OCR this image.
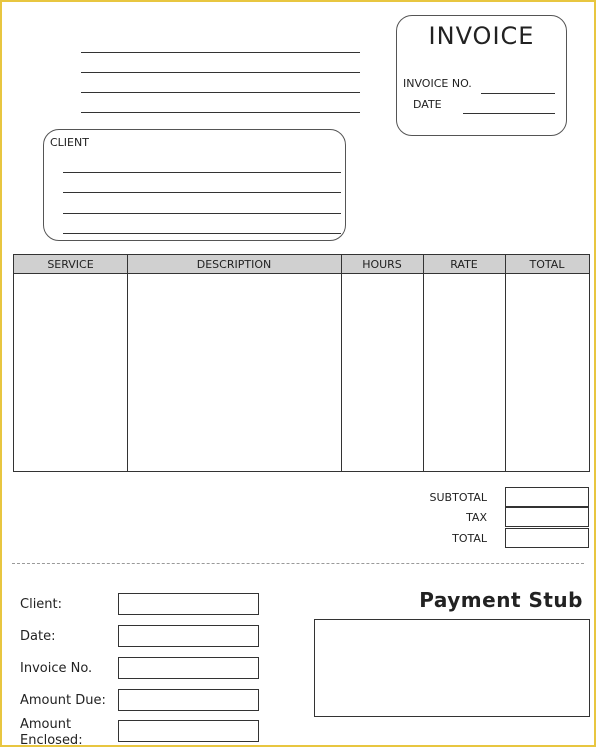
INVOICE
INVOICE NO.
DATE
CLIENT
SERVICE	DESCRIPTION	HOURS	RATE	TOTAL
SUBTOTAL
TAX
TOTAL
Client:
Date:
Invoice No.
Amount Due:
Amount
Enclosed:
Payment Stub
